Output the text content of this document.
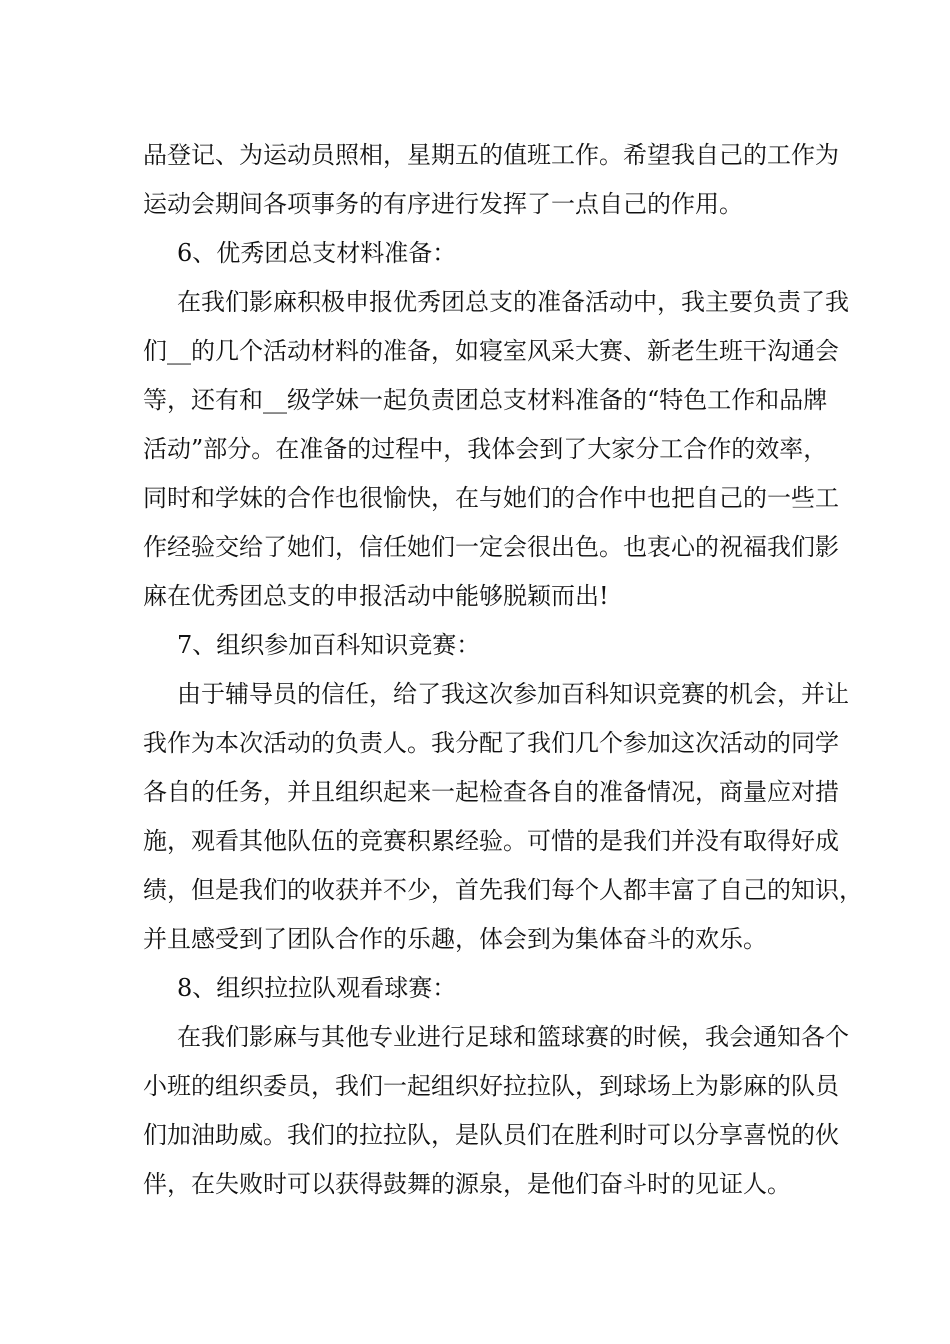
品登记、为运动员照相，星期五的值班工作。希望我自己的工作为
运动会期间各项事务的有序进行发挥了一点自己的作用。
6、优秀团总支材料准备：
在我们影麻积极申报优秀团总支的准备活动中，我主要负责了我
们__的几个活动材料的准备，如寝室风采大赛、新老生班干沟通会
等，还有和__级学妹一起负责团总支材料准备的“特色工作和品牌
活动”部分。在准备的过程中，我体会到了大家分工合作的效率，
同时和学妹的合作也很愉快，在与她们的合作中也把自己的一些工
作经验交给了她们，信任她们一定会很出色。也衷心的祝福我们影
麻在优秀团总支的申报活动中能够脱颖而出!
7、组织参加百科知识竞赛：
由于辅导员的信任，给了我这次参加百科知识竞赛的机会，并让
我作为本次活动的负责人。我分配了我们几个参加这次活动的同学
各自的任务，并且组织起来一起检查各自的准备情况，商量应对措
施，观看其他队伍的竞赛积累经验。可惜的是我们并没有取得好成
绩，但是我们的收获并不少，首先我们每个人都丰富了自己的知识，
并且感受到了团队合作的乐趣，体会到为集体奋斗的欢乐。
8、组织拉拉队观看球赛：
在我们影麻与其他专业进行足球和篮球赛的时候，我会通知各个
小班的组织委员，我们一起组织好拉拉队，到球场上为影麻的队员
们加油助威。我们的拉拉队，是队员们在胜利时可以分享喜悦的伙
伴，在失败时可以获得鼓舞的源泉，是他们奋斗时的见证人。
